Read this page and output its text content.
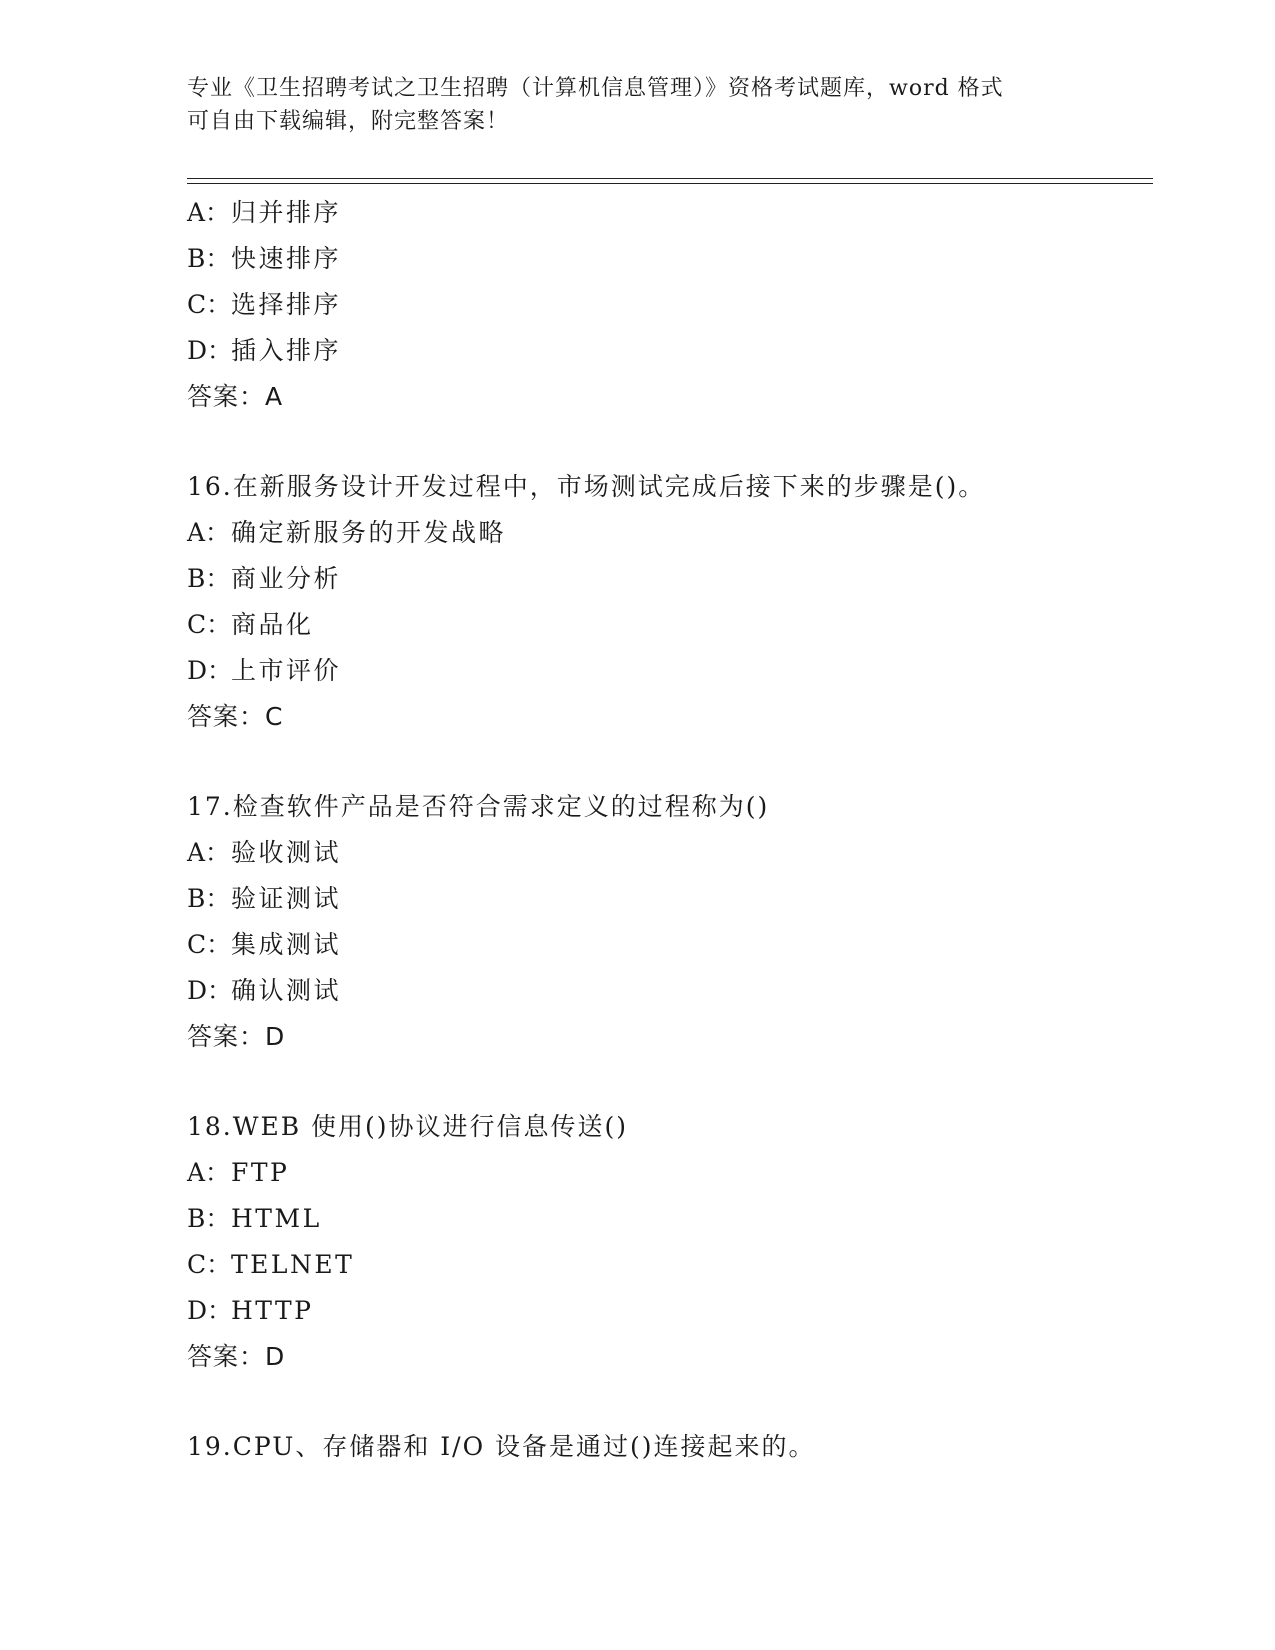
专业《卫生招聘考试之卫生招聘（计算机信息管理）》资格考试题库，word 格式
可自由下载编辑，附完整答案！
A：归并排序
B：快速排序
C：选择排序
D：插入排序
答案：A
16.在新服务设计开发过程中，市场测试完成后接下来的步骤是()。
A：确定新服务的开发战略
B：商业分析
C：商品化
D：上市评价
答案：C
17.检查软件产品是否符合需求定义的过程称为()
A：验收测试
B：验证测试
C：集成测试
D：确认测试
答案：D
18.WEB 使用()协议进行信息传送()
A：FTP
B：HTML
C：TELNET
D：HTTP
答案：D
19.CPU、存储器和 I/O 设备是通过()连接起来的。
